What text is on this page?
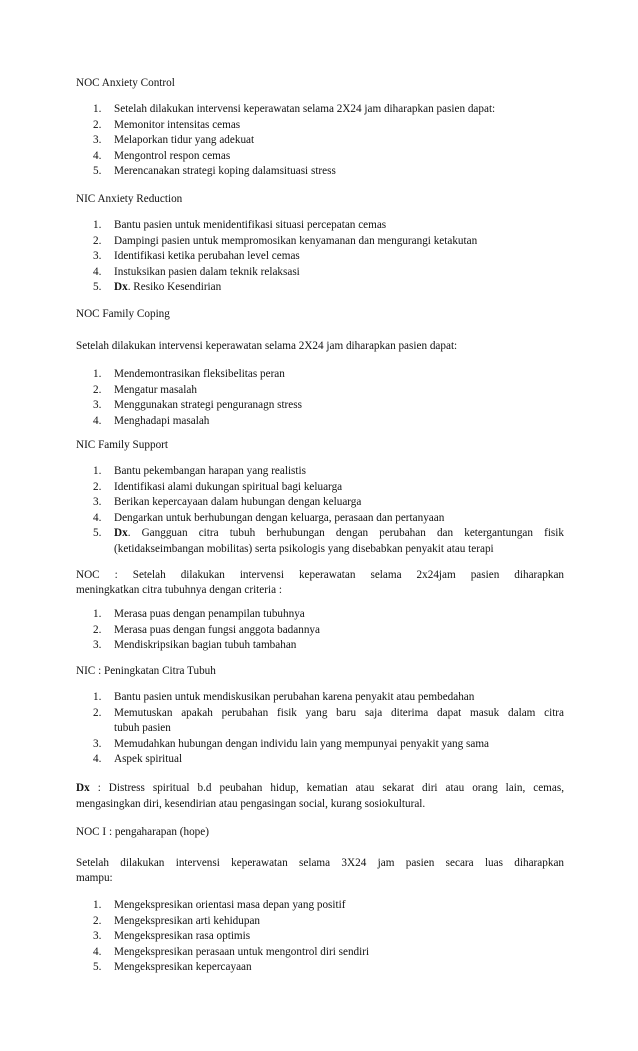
NOC Anxiety Control

1. Setelah dilakukan intervensi keperawatan selama 2X24 jam diharapkan pasien dapat:
2. Memonitor intensitas cemas
3. Melaporkan tidur yang adekuat
4. Mengontrol respon cemas
5. Merencanakan strategi koping dalamsituasi stress

NIC Anxiety Reduction

1. Bantu pasien untuk menidentifikasi situasi percepatan cemas
2. Dampingi pasien untuk mempromosikan kenyamanan dan mengurangi ketakutan
3. Identifikasi ketika perubahan level cemas
4. Instuksikan pasien dalam teknik relaksasi
5. Dx. Resiko Kesendirian

NOC Family Coping

Setelah dilakukan intervensi keperawatan selama 2X24 jam diharapkan pasien dapat:

1. Mendemontrasikan fleksibelitas peran
2. Mengatur masalah
3. Menggunakan strategi penguranagn stress
4. Menghadapi masalah

NIC Family Support

1. Bantu pekembangan harapan yang realistis
2. Identifikasi alami dukungan spiritual bagi keluarga
3. Berikan kepercayaan dalam hubungan dengan keluarga
4. Dengarkan untuk berhubungan dengan keluarga, perasaan dan pertanyaan
5. Dx. Gangguan citra tubuh berhubungan dengan perubahan dan ketergantungan fisik
(ketidakseimbangan mobilitas) serta psikologis yang disebabkan penyakit atau terapi

NOC : Setelah dilakukan intervensi keperawatan selama 2x24jam pasien diharapkan

meningkatkan citra tubuhnya dengan criteria :

1. Merasa puas dengan penampilan tubuhnya
2. Merasa puas dengan fungsi anggota badannya
3. Mendiskripsikan bagian tubuh tambahan

NIC : Peningkatan Citra Tubuh

1. Bantu pasien untuk mendiskusikan perubahan karena penyakit atau pembedahan
2. Memutuskan apakah perubahan fisik yang baru saja diterima dapat masuk dalam citra
tubuh pasien
3. Memudahkan hubungan dengan individu lain yang mempunyai penyakit yang sama
4. Aspek spiritual
Dx : Distress spiritual b.d peubahan hidup, kematian atau sekarat diri atau orang lain, cemas,
mengasingkan diri, kesendirian atau pengasingan social, kurang sosiokultural.

NOC I : pengaharapan (hope)

Setelah dilakukan intervensi keperawatan selama 3X24 jam pasien secara luas diharapkan

mampu:

1. Mengekspresikan orientasi masa depan yang positif
2. Mengekspresikan arti kehidupan
3. Mengekspresikan rasa optimis
4. Mengekspresikan perasaan untuk mengontrol diri sendiri
5. Mengekspresikan kepercayaan
